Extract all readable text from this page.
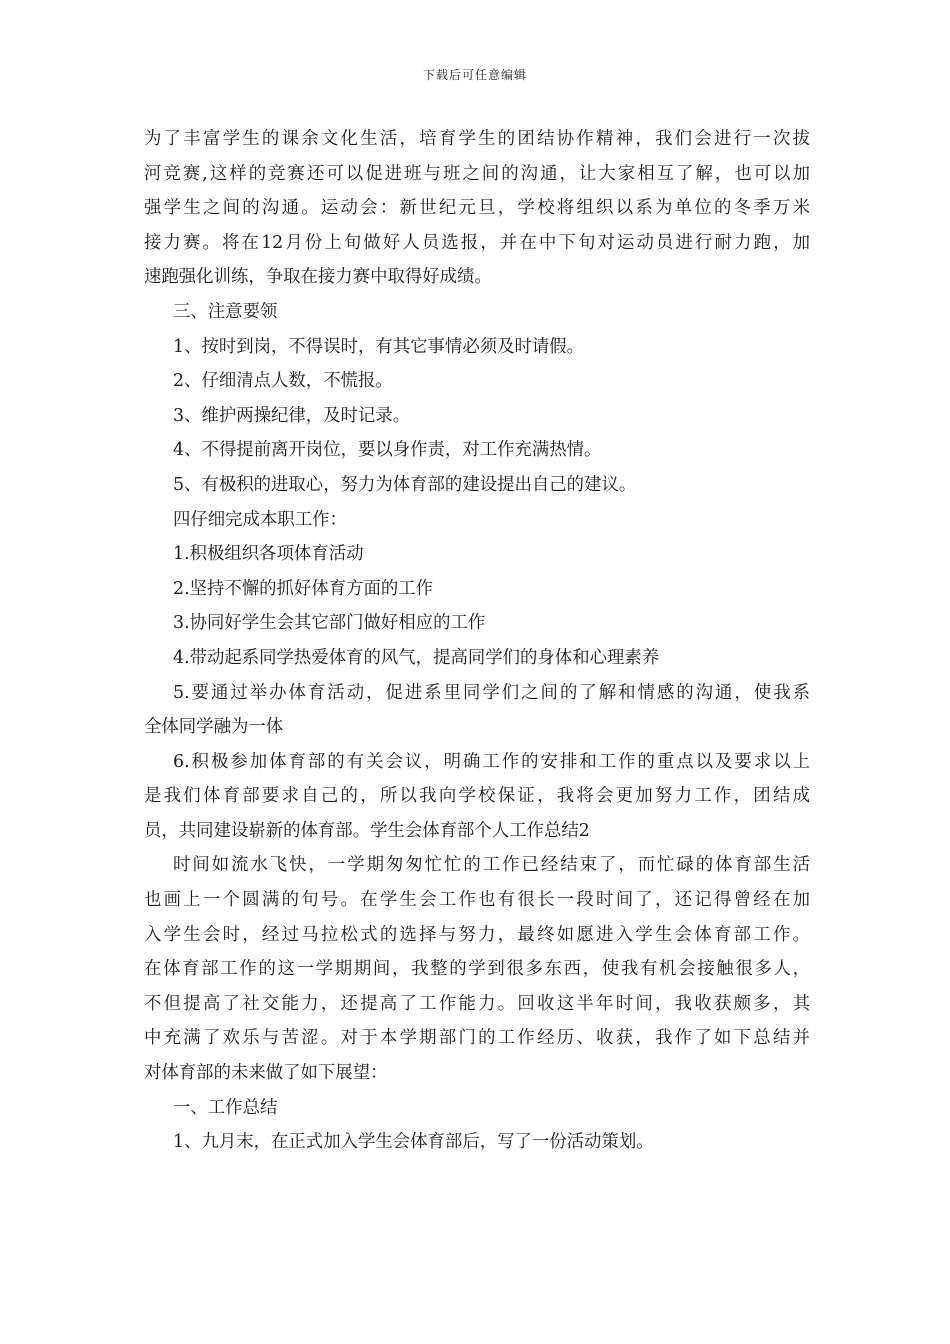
下载后可任意编辑
为了丰富学生的课余文化生活，培育学生的团结协作精神，我们会进行一次拔
河竞赛,这样的竞赛还可以促进班与班之间的沟通，让大家相互了解，也可以加
强学生之间的沟通。运动会：新世纪元旦，学校将组织以系为单位的冬季万米
接力赛。将在12月份上旬做好人员选报，并在中下旬对运动员进行耐力跑，加
速跑强化训练，争取在接力赛中取得好成绩。
三、注意要领
1、按时到岗，不得误时，有其它事情必须及时请假。
2、仔细清点人数，不慌报。
3、维护两操纪律，及时记录。
4、不得提前离开岗位，要以身作责，对工作充满热情。
5、有极积的进取心，努力为体育部的建设提出自己的建议。
四仔细完成本职工作：
1.积极组织各项体育活动
2.坚持不懈的抓好体育方面的工作
3.协同好学生会其它部门做好相应的工作
4.带动起系同学热爱体育的风气，提高同学们的身体和心理素养
5.要通过举办体育活动，促进系里同学们之间的了解和情感的沟通，使我系
全体同学融为一体
6.积极参加体育部的有关会议，明确工作的安排和工作的重点以及要求以上
是我们体育部要求自己的，所以我向学校保证，我将会更加努力工作，团结成
员，共同建设崭新的体育部。学生会体育部个人工作总结2
时间如流水飞快，一学期匆匆忙忙的工作已经结束了，而忙碌的体育部生活
也画上一个圆满的句号。在学生会工作也有很长一段时间了，还记得曾经在加
入学生会时，经过马拉松式的选择与努力，最终如愿进入学生会体育部工作。
在体育部工作的这一学期期间，我整的学到很多东西，使我有机会接触很多人，
不但提高了社交能力，还提高了工作能力。回收这半年时间，我收获颇多，其
中充满了欢乐与苦涩。对于本学期部门的工作经历、收获，我作了如下总结并
对体育部的未来做了如下展望：
一、工作总结
1、九月末，在正式加入学生会体育部后，写了一份活动策划。
